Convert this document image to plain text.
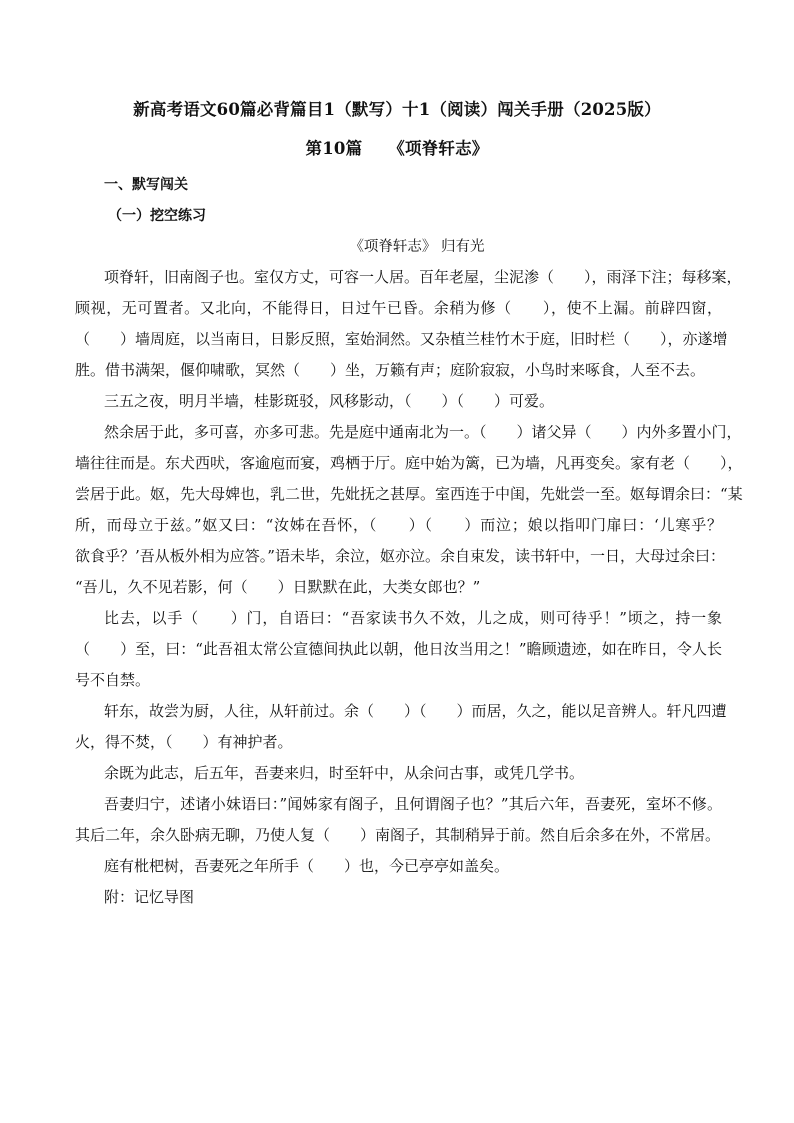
新高考语文60篇必背篇目1（默写）十1（阅读）闯关手册（2025版）
第10篇 《项脊轩志》
一、默写闯关
（一）挖空练习
《项脊轩志》 归有光
项脊轩，旧南阁子也。室仅方丈，可容一人居。百年老屋，尘泥渗（　　），雨泽下注；每移案，
顾视，无可置者。又北向，不能得日，日过午已昏。余稍为修（　　），使不上漏。前辟四窗，
（　　）墙周庭，以当南日，日影反照，室始洞然。又杂植兰桂竹木于庭，旧时栏（　　），亦遂增
胜。借书满架，偃仰啸歌，冥然（　　）坐，万籁有声；庭阶寂寂，小鸟时来啄食，人至不去。
三五之夜，明月半墙，桂影斑驳，风移影动，（　　）（　　）可爱。
然余居于此，多可喜，亦多可悲。先是庭中通南北为一。（　　）诸父异（　　）内外多置小门，
墙往往而是。东犬西吠，客逾庖而宴，鸡栖于厅。庭中始为篱，已为墙，凡再变矣。家有老（　　），
尝居于此。妪，先大母婢也，乳二世，先妣抚之甚厚。室西连于中闺，先妣尝一至。妪每谓余曰：“某
所，而母立于兹。”妪又曰：“汝姊在吾怀，（　　）（　　）而泣；娘以指叩门扉曰：‘儿寒乎？
欲食乎？’吾从板外相为应答。”语未毕，余泣，妪亦泣。余自束发，读书轩中，一日，大母过余曰：
“吾儿，久不见若影，何（　　）日默默在此，大类女郎也？”
比去，以手（　　）门，自语曰：“吾家读书久不效，儿之成，则可待乎！”顷之，持一象
（　　）至，曰：“此吾祖太常公宣德间执此以朝，他日汝当用之！”瞻顾遗迹，如在昨日，令人长
号不自禁。
轩东，故尝为厨，人往，从轩前过。余（　　）（　　）而居，久之，能以足音辨人。轩凡四遭
火，得不焚，（　　）有神护者。
余既为此志，后五年，吾妻来归，时至轩中，从余问古事，或凭几学书。
吾妻归宁，述诸小妹语曰：”闻姊家有阁子，且何谓阁子也？”其后六年，吾妻死，室坏不修。
其后二年，余久卧病无聊，乃使人复（　　）南阁子，其制稍异于前。然自后余多在外，不常居。
庭有枇杷树，吾妻死之年所手（　　）也，今已亭亭如盖矣。
附：记忆导图
